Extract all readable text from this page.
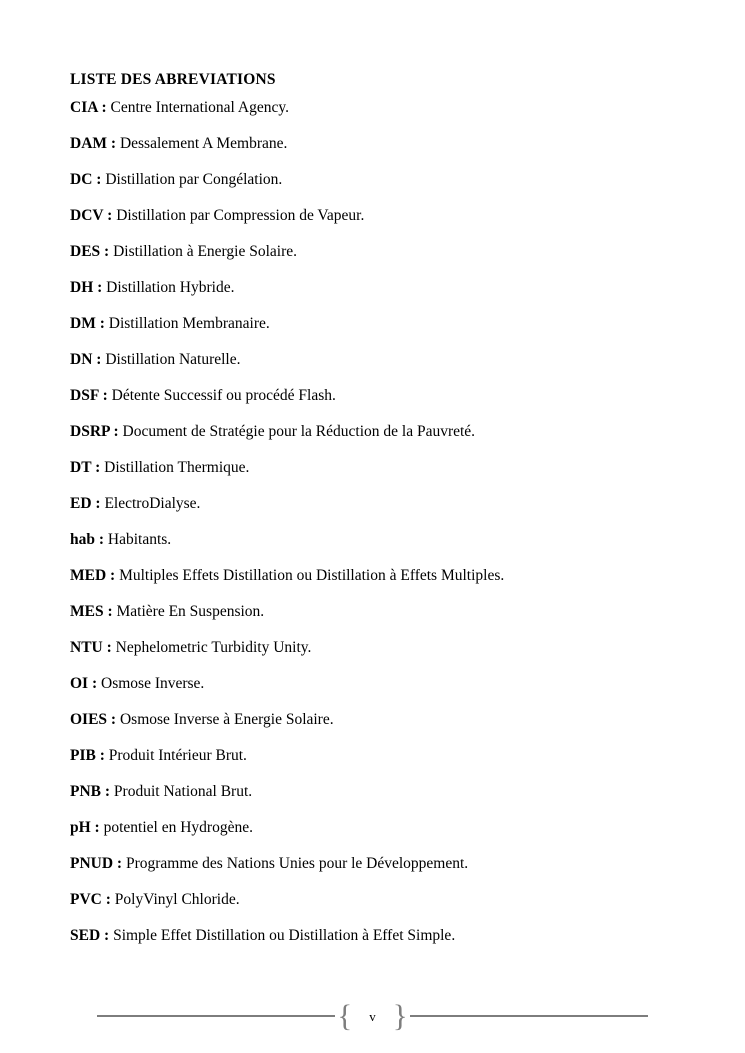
LISTE DES ABREVIATIONS
CIA : Centre International Agency.
DAM : Dessalement A Membrane.
DC : Distillation par Congélation.
DCV : Distillation par Compression de Vapeur.
DES : Distillation à Energie Solaire.
DH : Distillation Hybride.
DM : Distillation Membranaire.
DN : Distillation Naturelle.
DSF : Détente Successif ou procédé Flash.
DSRP : Document de Stratégie pour la Réduction de la Pauvreté.
DT : Distillation Thermique.
ED : ElectroDialyse.
hab : Habitants.
MED : Multiples Effets Distillation ou Distillation à Effets Multiples.
MES : Matière En Suspension.
NTU : Nephelometric Turbidity Unity.
OI : Osmose Inverse.
OIES : Osmose Inverse à Energie Solaire.
PIB : Produit Intérieur Brut.
PNB : Produit National Brut.
pH : potentiel en Hydrogène.
PNUD : Programme des Nations Unies pour le Développement.
PVC : PolyVinyl Chloride.
SED : Simple Effet Distillation ou Distillation à Effet Simple.
{ v }
